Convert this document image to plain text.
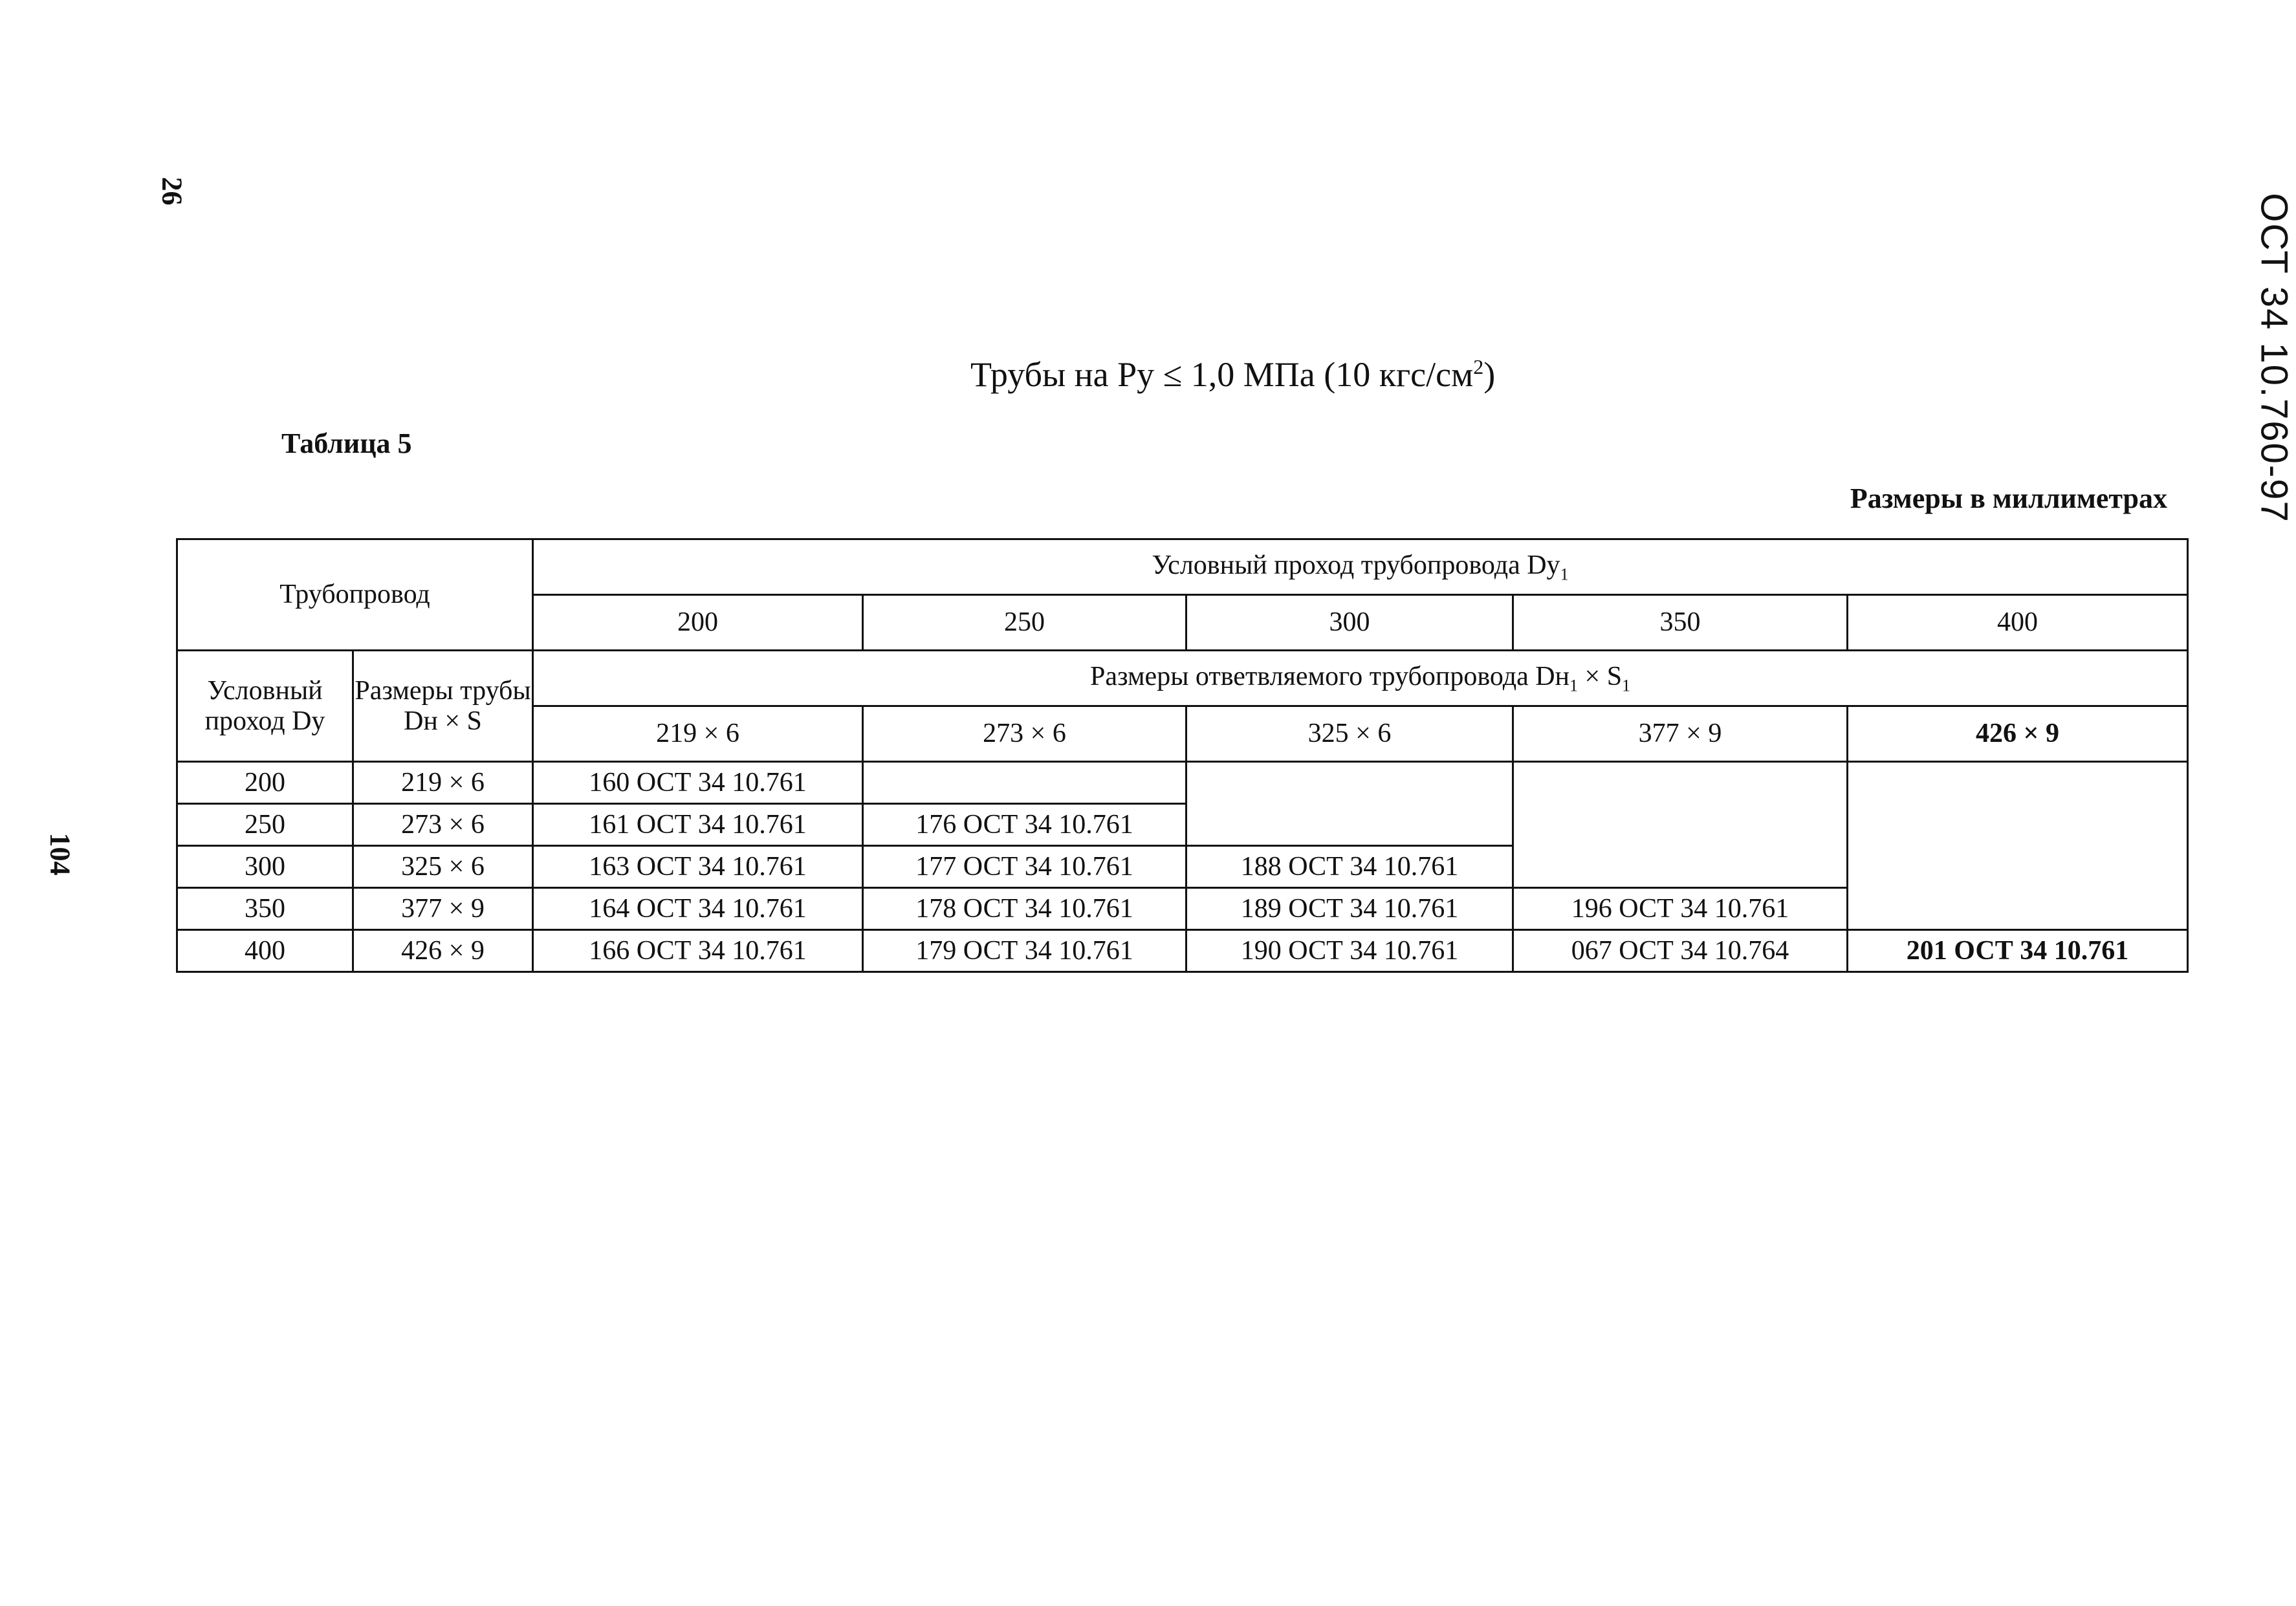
26
104
ОСТ 34 10.760-97
Трубы на Ру ≤ 1,0 МПа (10 кгс/$см^2$)
Таблица 5
Размеры в миллиметрах
Трубопровод		Условный проход трубопровода $Dу_1$
		200	250	300	350	400
Условный проход Dу	Размеры трубы Dн × S	Размеры ответвляемого трубопровода $Dн_1 \times S_1$
		219 × 6	273 × 6	325 × 6	377 × 9	426 × 9
200	219 × 6	160 ОСТ 34 10.761				
250	273 × 6	161 ОСТ 34 10.761	176 ОСТ 34 10.761			
300	325 × 6	163 ОСТ 34 10.761	177 ОСТ 34 10.761	188 ОСТ 34 10.761		
350	377 × 9	164 ОСТ 34 10.761	178 ОСТ 34 10.761	189 ОСТ 34 10.761	196 ОСТ 34 10.761	
400	426 × 9	166 ОСТ 34 10.761	179 ОСТ 34 10.761	190 ОСТ 34 10.761	067 ОСТ 34 10.764	201 ОСТ 34 10.761
